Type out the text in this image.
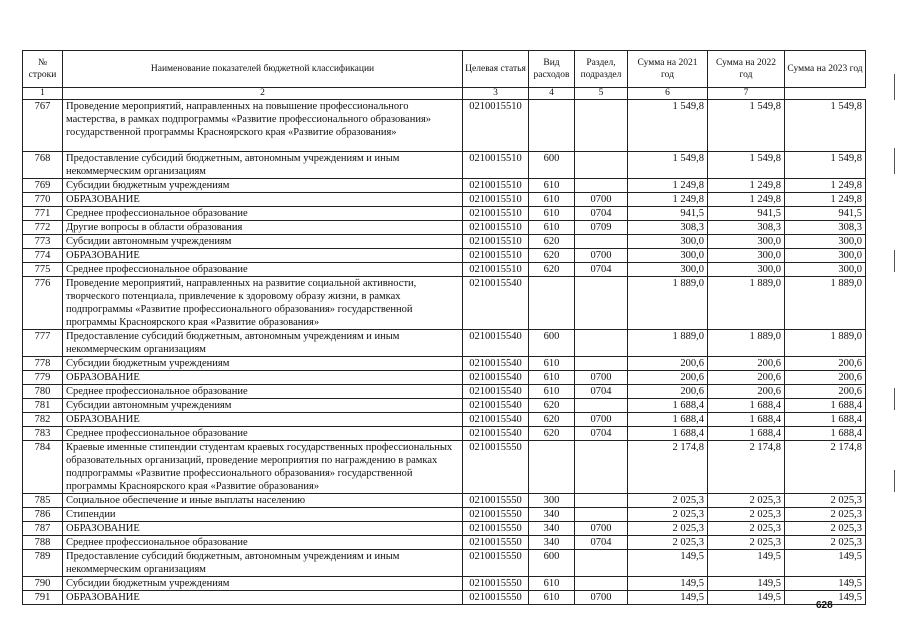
№ строки	Наименование показателей бюджетной классификации	Целевая статья	Вид расходов	Раздел, подраздел	Сумма на 2021 год	Сумма на 2022 год	Сумма на 2023 год
1	2	3	4	5	6	7	
767	Проведение мероприятий, направленных на повышение профессионального мастерства, в рамках подпрограммы «Развитие профессионального образования» государственной программы Красноярского края «Развитие образования»	0210015510			1 549,8	1 549,8	1 549,8
768	Предоставление субсидий бюджетным, автономным учреждениям и иным некоммерческим организациям	0210015510	600		1 549,8	1 549,8	1 549,8
769	Субсидии бюджетным учреждениям	0210015510	610		1 249,8	1 249,8	1 249,8
770	ОБРАЗОВАНИЕ	0210015510	610	0700	1 249,8	1 249,8	1 249,8
771	Среднее профессиональное образование	0210015510	610	0704	941,5	941,5	941,5
772	Другие вопросы в области образования	0210015510	610	0709	308,3	308,3	308,3
773	Субсидии автономным учреждениям	0210015510	620		300,0	300,0	300,0
774	ОБРАЗОВАНИЕ	0210015510	620	0700	300,0	300,0	300,0
775	Среднее профессиональное образование	0210015510	620	0704	300,0	300,0	300,0
776	Проведение мероприятий, направленных на развитие социальной активности, творческого потенциала, привлечение к здоровому образу жизни, в рамках подпрограммы «Развитие профессионального образования» государственной программы Красноярского края «Развитие образования»	0210015540			1 889,0	1 889,0	1 889,0
777	Предоставление субсидий бюджетным, автономным учреждениям и иным некоммерческим организациям	0210015540	600		1 889,0	1 889,0	1 889,0
778	Субсидии бюджетным учреждениям	0210015540	610		200,6	200,6	200,6
779	ОБРАЗОВАНИЕ	0210015540	610	0700	200,6	200,6	200,6
780	Среднее профессиональное образование	0210015540	610	0704	200,6	200,6	200,6
781	Субсидии автономным учреждениям	0210015540	620		1 688,4	1 688,4	1 688,4
782	ОБРАЗОВАНИЕ	0210015540	620	0700	1 688,4	1 688,4	1 688,4
783	Среднее профессиональное образование	0210015540	620	0704	1 688,4	1 688,4	1 688,4
784	Краевые именные стипендии студентам краевых государственных профессиональных образовательных организаций, проведение мероприятия по награждению в рамках подпрограммы «Развитие профессионального образования» государственной программы Красноярского края «Развитие образования»	0210015550			2 174,8	2 174,8	2 174,8
785	Социальное обеспечение и иные выплаты населению	0210015550	300		2 025,3	2 025,3	2 025,3
786	Стипендии	0210015550	340		2 025,3	2 025,3	2 025,3
787	ОБРАЗОВАНИЕ	0210015550	340	0700	2 025,3	2 025,3	2 025,3
788	Среднее профессиональное образование	0210015550	340	0704	2 025,3	2 025,3	2 025,3
789	Предоставление субсидий бюджетным, автономным учреждениям и иным некоммерческим организациям	0210015550	600		149,5	149,5	149,5
790	Субсидии бюджетным учреждениям	0210015550	610		149,5	149,5	149,5
791	ОБРАЗОВАНИЕ	0210015550	610	0700	149,5	149,5	149,5
628
